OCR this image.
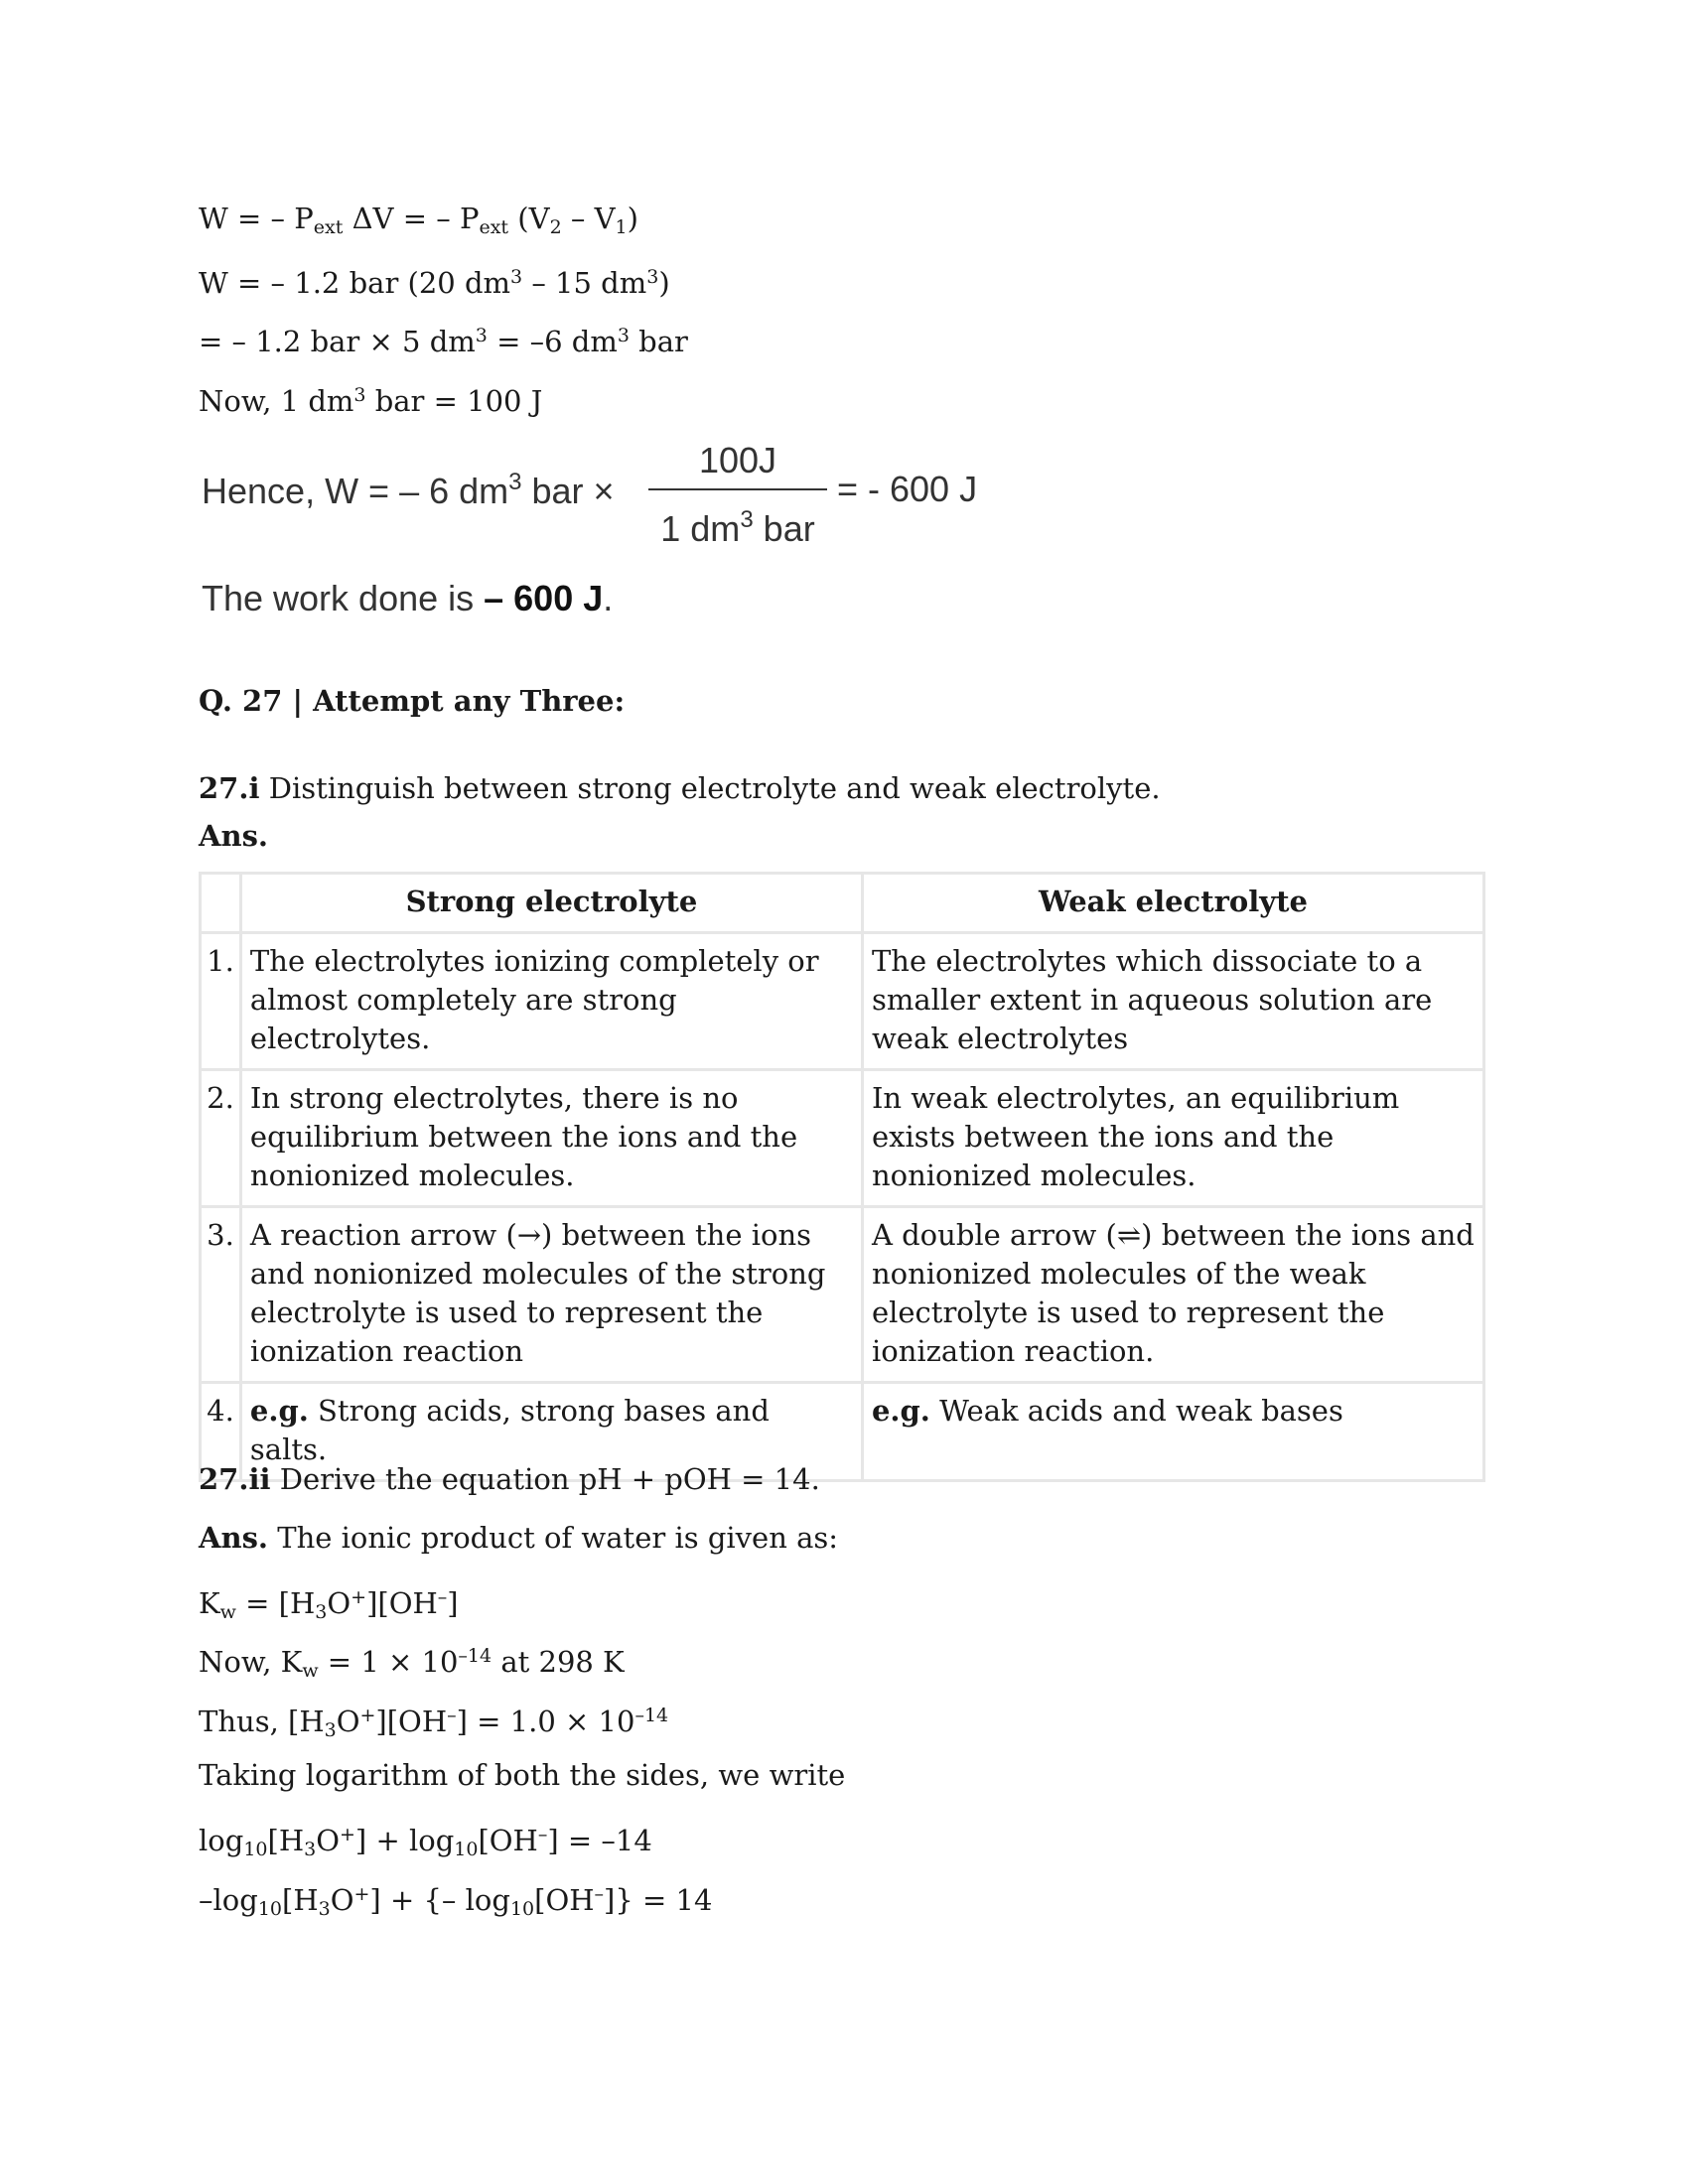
W = – $P_{ext}$ ΔV = – $P_{ext}$ $(V_2 - V_1)$
W = – 1.2 bar (20 $dm^3 - 15$ $dm^3$)
= – 1.2 bar × 5 $dm^3 = -6$ $dm^3$ bar
Now, 1 $dm^3$ bar = 100 J
Hence, W = – 6 $dm^3$ bar ×
100J
1 $dm^3$ bar
= - 600 J
The work done is – 600 J.
Q. 27 | Attempt any Three:
27.i Distinguish between strong electrolyte and weak electrolyte.
Ans.
	Strong electrolyte	Weak electrolyte
1.	The electrolytes ionizing completely or almost completely are strong electrolytes.	The electrolytes which dissociate to a smaller extent in aqueous solution are weak electrolytes
2.	In strong electrolytes, there is no equilibrium between the ions and the nonionized molecules.	In weak electrolytes, an equilibrium exists between the ions and the nonionized molecules.
3.	A reaction arrow (→) between the ions and nonionized molecules of the strong electrolyte is used to represent the ionization reaction	A double arrow (⇌) between the ions and nonionized molecules of the weak electrolyte is used to represent the ionization reaction.
4.	e.g. Strong acids, strong bases and salts.	e.g. Weak acids and weak bases
27.ii Derive the equation pH + pOH = 14.
Ans. The ionic product of water is given as:
$K_w = [H_3O^+][OH^-]$
Now, $K_w = 1 \times 10^{-14}$ at 298 K
Thus, $[H_3O^+][OH^-] = 1.0 \times 10^{-14}$
Taking logarithm of both the sides, we write
$\log_{10}[H_3O^+] + \log_{10}[OH^-] = -14$
$-\log_{10}[H_3O^+]$ + {– $\log_{10}[OH^-]\} = 14$
